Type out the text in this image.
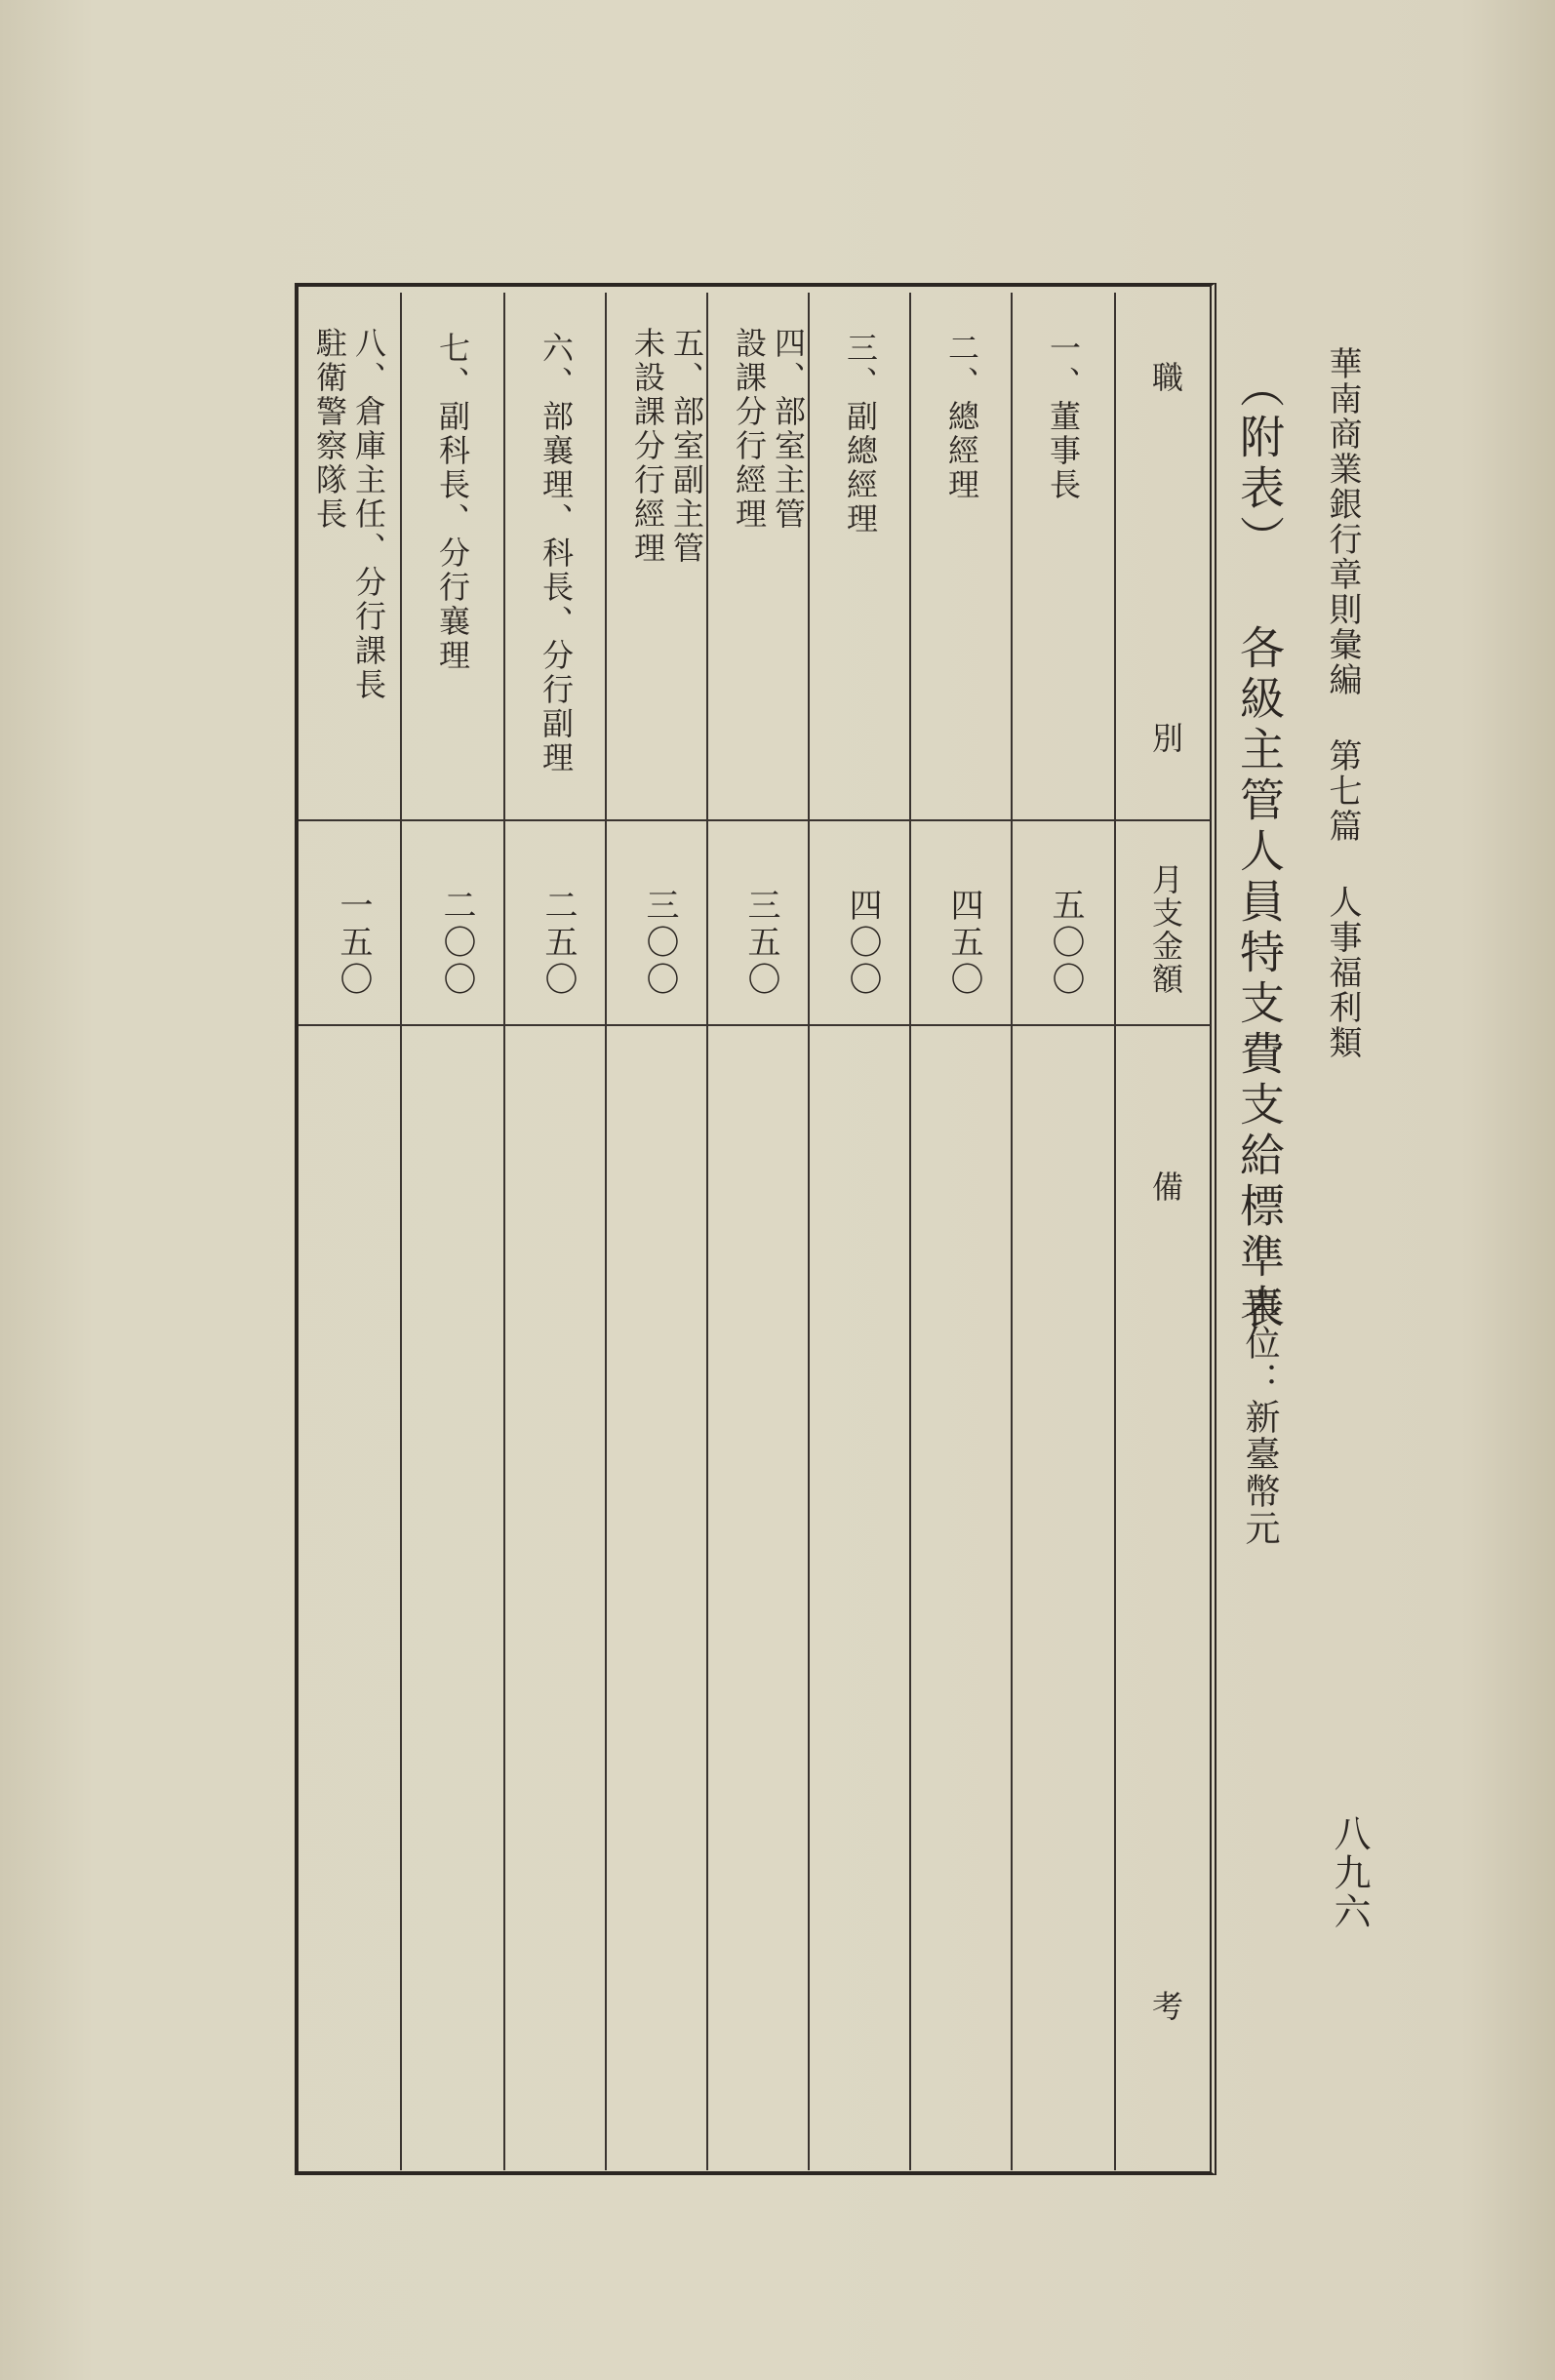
華南商業銀行章則彙編 第七篇 人事福利類
八九六
︵附表︶ 各級主管人員特支費支給標準表
單位：新臺幣元
職
別
月支金額
備
考
一、董事長
五〇〇
二、總經理
四五〇
三、副總經理
四〇〇
四、部室主管
設課分行經理
三五〇
五、部室副主管
未設課分行經理
三〇〇
六、部襄理、科長、分行副理
二五〇
七、副科長、分行襄理
二〇〇
八、倉庫主任、分行課長
駐衛警察隊長
一五〇
